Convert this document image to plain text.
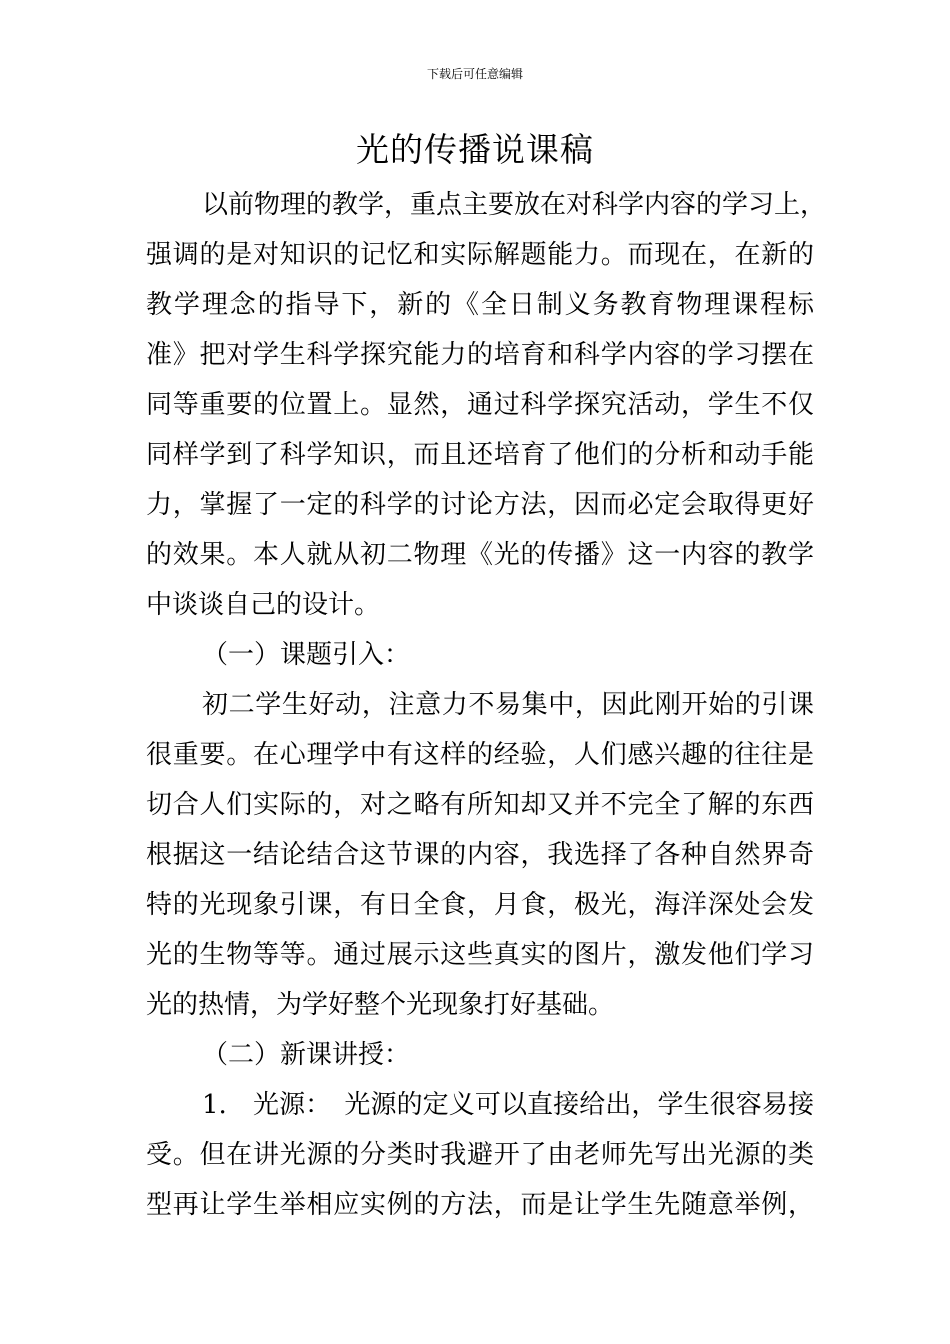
下载后可任意编辑
光的传播说课稿
以前物理的教学，重点主要放在对科学内容的学习上，
强调的是对知识的记忆和实际解题能力。而现在，在新的
教学理念的指导下，新的《全日制义务教育物理课程标
准》把对学生科学探究能力的培育和科学内容的学习摆在
同等重要的位置上。显然，通过科学探究活动，学生不仅
同样学到了科学知识，而且还培育了他们的分析和动手能
力，掌握了一定的科学的讨论方法，因而必定会取得更好
的效果。本人就从初二物理《光的传播》这一内容的教学
中谈谈自己的设计。
（一）课题引入：
初二学生好动，注意力不易集中，因此刚开始的引课
很重要。在心理学中有这样的经验，人们感兴趣的往往是
切合人们实际的，对之略有所知却又并不完全了解的东西
根据这一结论结合这节课的内容，我选择了各种自然界奇
特的光现象引课，有日全食，月食，极光，海洋深处会发
光的生物等等。通过展示这些真实的图片，激发他们学习
光的热情，为学好整个光现象打好基础。
（二）新课讲授：
1.　光源：　光源的定义可以直接给出，学生很容易接
受。但在讲光源的分类时我避开了由老师先写出光源的类
型再让学生举相应实例的方法，而是让学生先随意举例，
